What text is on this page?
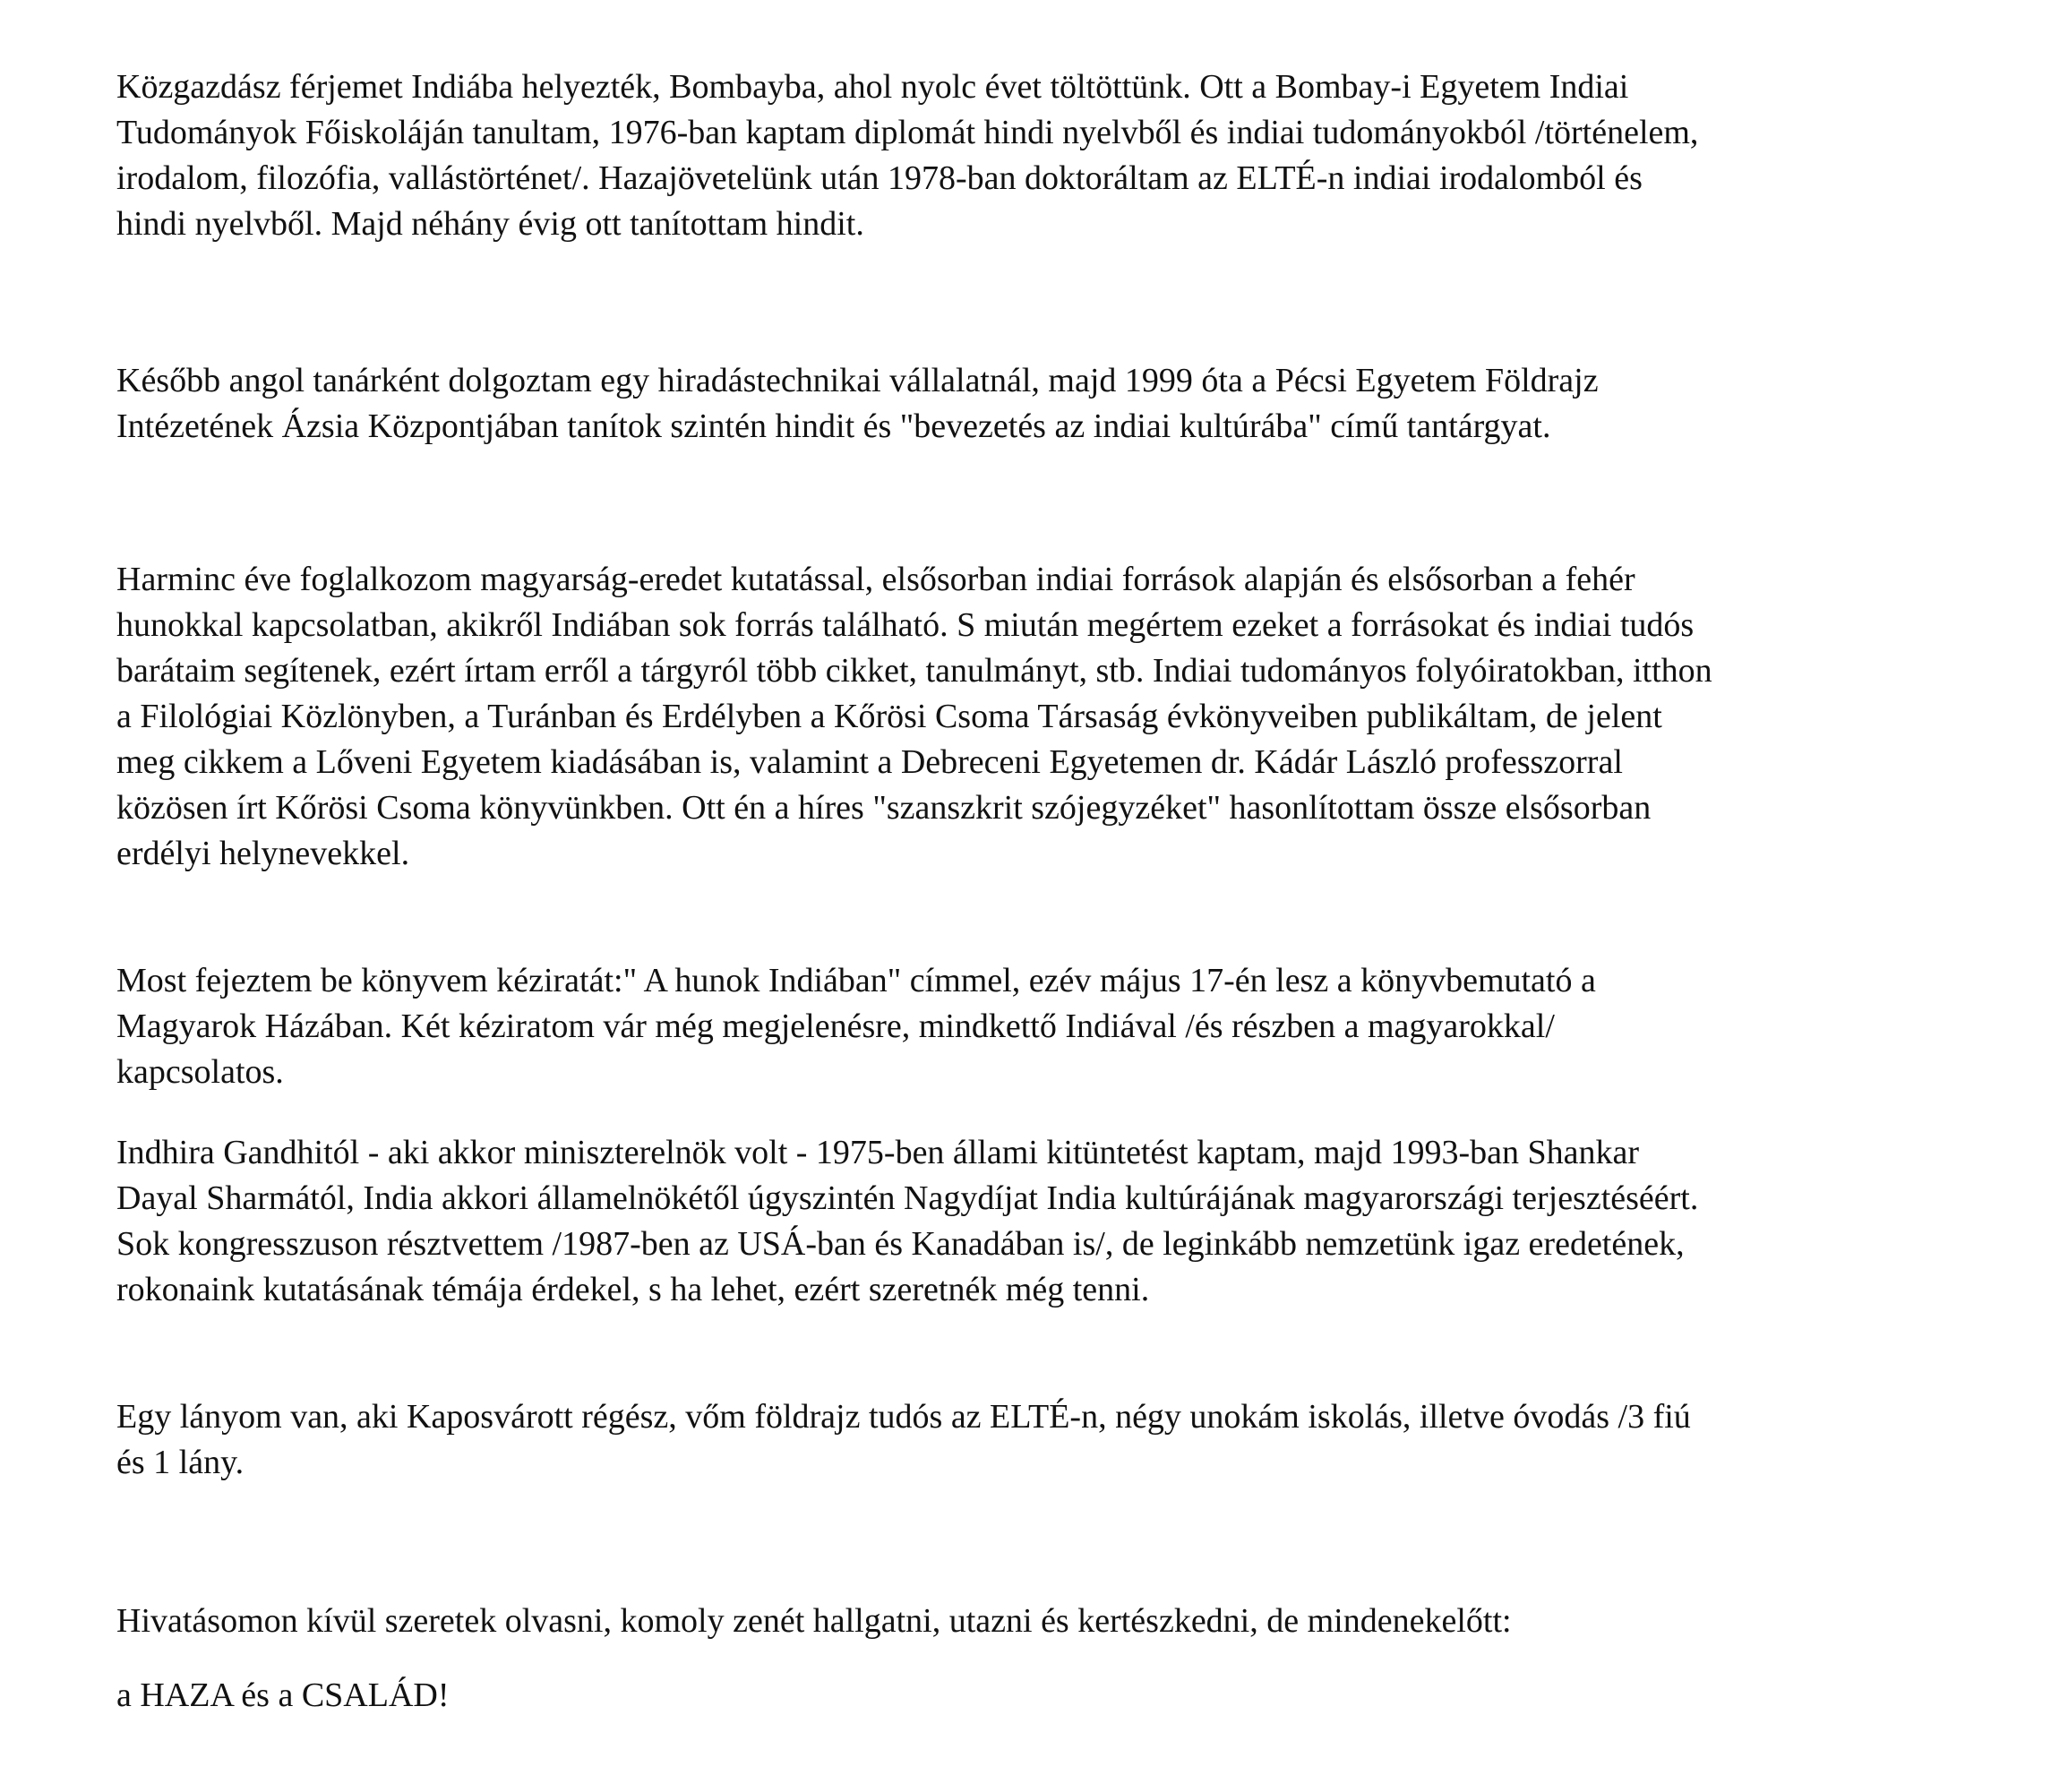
Közgazdász férjemet Indiába helyezték, Bombayba, ahol nyolc évet töltöttünk. Ott a Bombay-i Egyetem Indiai
Tudományok Főiskoláján tanultam, 1976-ban kaptam diplomát hindi nyelvből és indiai tudományokból /történelem,
irodalom, filozófia, vallástörténet/. Hazajövetelünk után 1978-ban doktoráltam az ELTÉ-n indiai irodalomból és
hindi nyelvből. Majd néhány évig ott tanítottam hindit.

Később angol tanárként dolgoztam egy hiradástechnikai vállalatnál, majd 1999 óta a Pécsi Egyetem Földrajz
Intézetének Ázsia Központjában tanítok szintén hindit és "bevezetés az indiai kultúrába" című tantárgyat.

Harminc éve foglalkozom magyarság-eredet kutatással, elsősorban indiai források alapján és elsősorban a fehér
hunokkal kapcsolatban, akikről Indiában sok forrás található. S miután megértem ezeket a forrásokat és indiai tudós
barátaim segítenek, ezért írtam erről a tárgyról több cikket, tanulmányt, stb. Indiai tudományos folyóiratokban, itthon
a Filológiai Közlönyben, a Turánban és Erdélyben a Kőrösi Csoma Társaság évkönyveiben publikáltam, de jelent
meg cikkem a Lőveni Egyetem kiadásában is, valamint a Debreceni Egyetemen dr. Kádár László professzorral
közösen írt Kőrösi Csoma könyvünkben. Ott én a híres "szanszkrit szójegyzéket" hasonlítottam össze elsősorban
erdélyi helynevekkel.

Most fejeztem be könyvem kéziratát:" A hunok Indiában" címmel, ezév május 17-én lesz a könyvbemutató a
Magyarok Házában. Két kéziratom vár még megjelenésre, mindkettő Indiával /és részben a magyarokkal/
kapcsolatos.

Indhira Gandhitól - aki akkor miniszterelnök volt - 1975-ben állami kitüntetést kaptam, majd 1993-ban Shankar
Dayal Sharmától, India akkori államelnökétől úgyszintén Nagydíjat India kultúrájának magyarországi terjesztéséért.
Sok kongresszuson résztvettem /1987-ben az USÁ-ban és Kanadában is/, de leginkább nemzetünk igaz eredetének,
rokonaink kutatásának témája érdekel, s ha lehet, ezért szeretnék még tenni.

Egy lányom van, aki Kaposvárott régész, vőm földrajz tudós az ELTÉ-n, négy unokám iskolás, illetve óvodás /3 fiú
és 1 lány.

Hivatásomon kívül szeretek olvasni, komoly zenét hallgatni, utazni és kertészkedni, de mindenekelőtt:

a HAZA és a CSALÁD!
